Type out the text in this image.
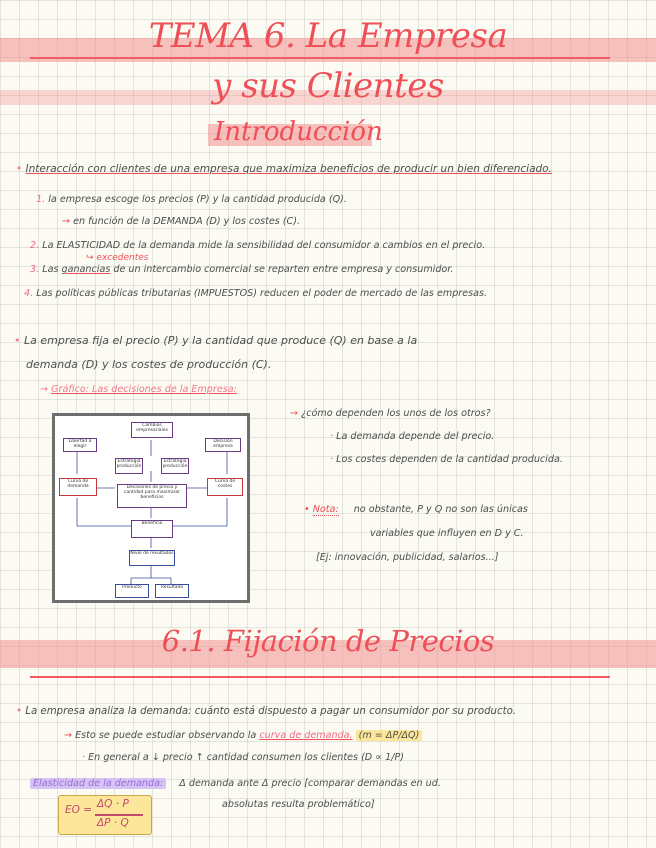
TEMA 6. La Empresa
y sus Clientes
Introducción
• Interacción con clientes de una empresa que maximiza beneficios de producir un bien diferenciado.
1. la empresa escoge los precios (P) y la cantidad producida (Q).
→ en función de la DEMANDA (D) y los costes (C).
2. La ELASTICIDAD de la demanda mide la sensibilidad del consumidor a cambios en el precio.
↪ excedentes
3. Las ganancias de un intercambio comercial se reparten entre empresa y consumidor.
4. Las políticas públicas tributarias (IMPUESTOS) reducen el poder de mercado de las empresas.
• La empresa fija el precio (P) y la cantidad que produce (Q) en base a la
demanda (D) y los costes de producción (C).
→ Gráfico: Las decisiones de la Empresa:
Libertad a elegir
Cambios empresariales
Decisión empresa
Estrategia producción
Estrategia producción
Curva de demanda
Curva de costes
Decisiones de precio y cantidad para maximizar beneficios
Beneficio
Nivel de resultados
Producto	Resultado
→ ¿cómo dependen los unos de los otros?
· La demanda depende del precio.
· Los costes dependen de la cantidad producida.
• Nota: no obstante, P y Q no son las únicas
variables que influyen en D y C.
[Ej: innovación, publicidad, salarios...]
6.1. Fijación de Precios
• La empresa analiza la demanda: cuánto está dispuesto a pagar un consumidor por su producto.
→ Esto se puede estudiar observando la curva de demanda. (m = ΔP/ΔQ)
· En general a ↓ precio ↑ cantidad consumen los clientes (D ∝ 1/P)
Elasticidad de la demanda: Δ demanda ante Δ precio [comparar demandas en ud.
absolutas resulta problemático]
EO = ΔQ · P
ΔP · Q
